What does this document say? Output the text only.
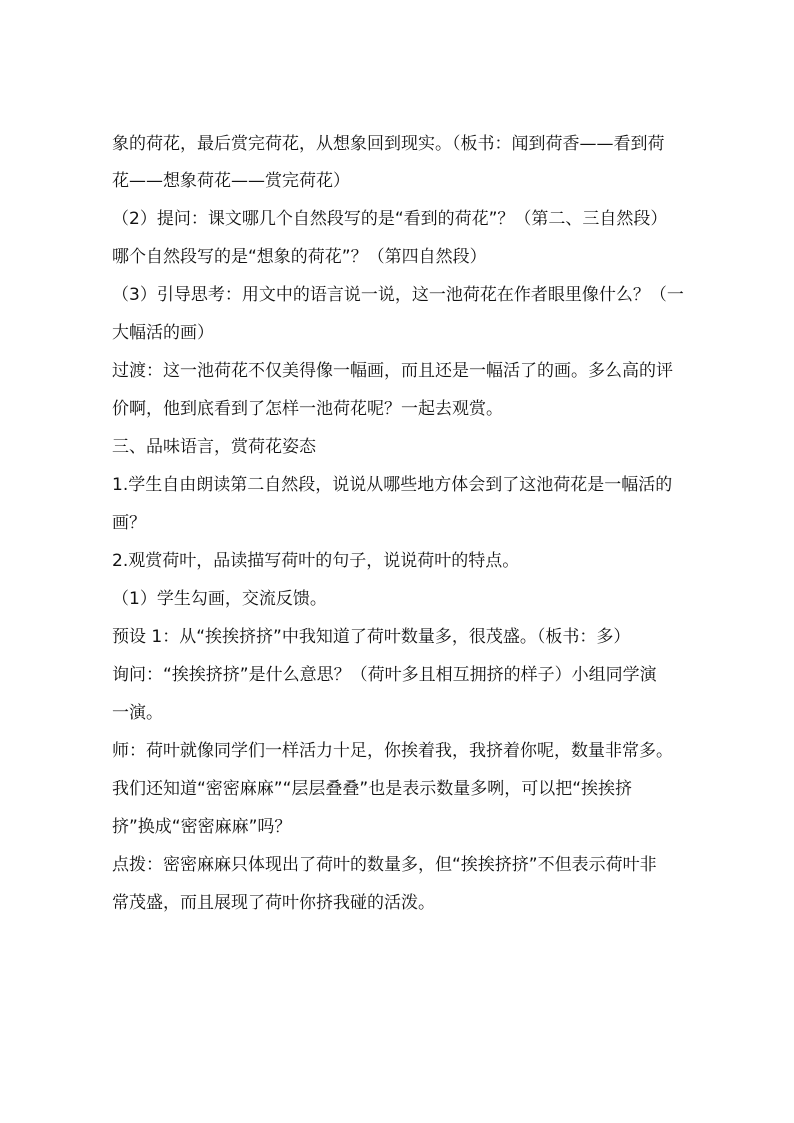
象的荷花，最后赏完荷花，从想象回到现实。（板书：闻到荷香——看到荷
花——想象荷花——赏完荷花）
（2）提问：课文哪几个自然段写的是“看到的荷花”？（第二、三自然段）
哪个自然段写的是“想象的荷花”？（第四自然段）
（3）引导思考：用文中的语言说一说，这一池荷花在作者眼里像什么？（一
大幅活的画）
过渡：这一池荷花不仅美得像一幅画，而且还是一幅活了的画。多么高的评
价啊，他到底看到了怎样一池荷花呢？一起去观赏。
三、品味语言，赏荷花姿态
1.学生自由朗读第二自然段，说说从哪些地方体会到了这池荷花是一幅活的
画？
2.观赏荷叶，品读描写荷叶的句子，说说荷叶的特点。
（1）学生勾画，交流反馈。
预设 1：从“挨挨挤挤”中我知道了荷叶数量多，很茂盛。（板书：多）
询问：“挨挨挤挤”是什么意思？（荷叶多且相互拥挤的样子）小组同学演
一演。
师：荷叶就像同学们一样活力十足，你挨着我，我挤着你呢，数量非常多。
我们还知道“密密麻麻”“层层叠叠”也是表示数量多咧，可以把“挨挨挤
挤”换成“密密麻麻”吗？
点拨：密密麻麻只体现出了荷叶的数量多，但“挨挨挤挤”不但表示荷叶非
常茂盛，而且展现了荷叶你挤我碰的活泼。
